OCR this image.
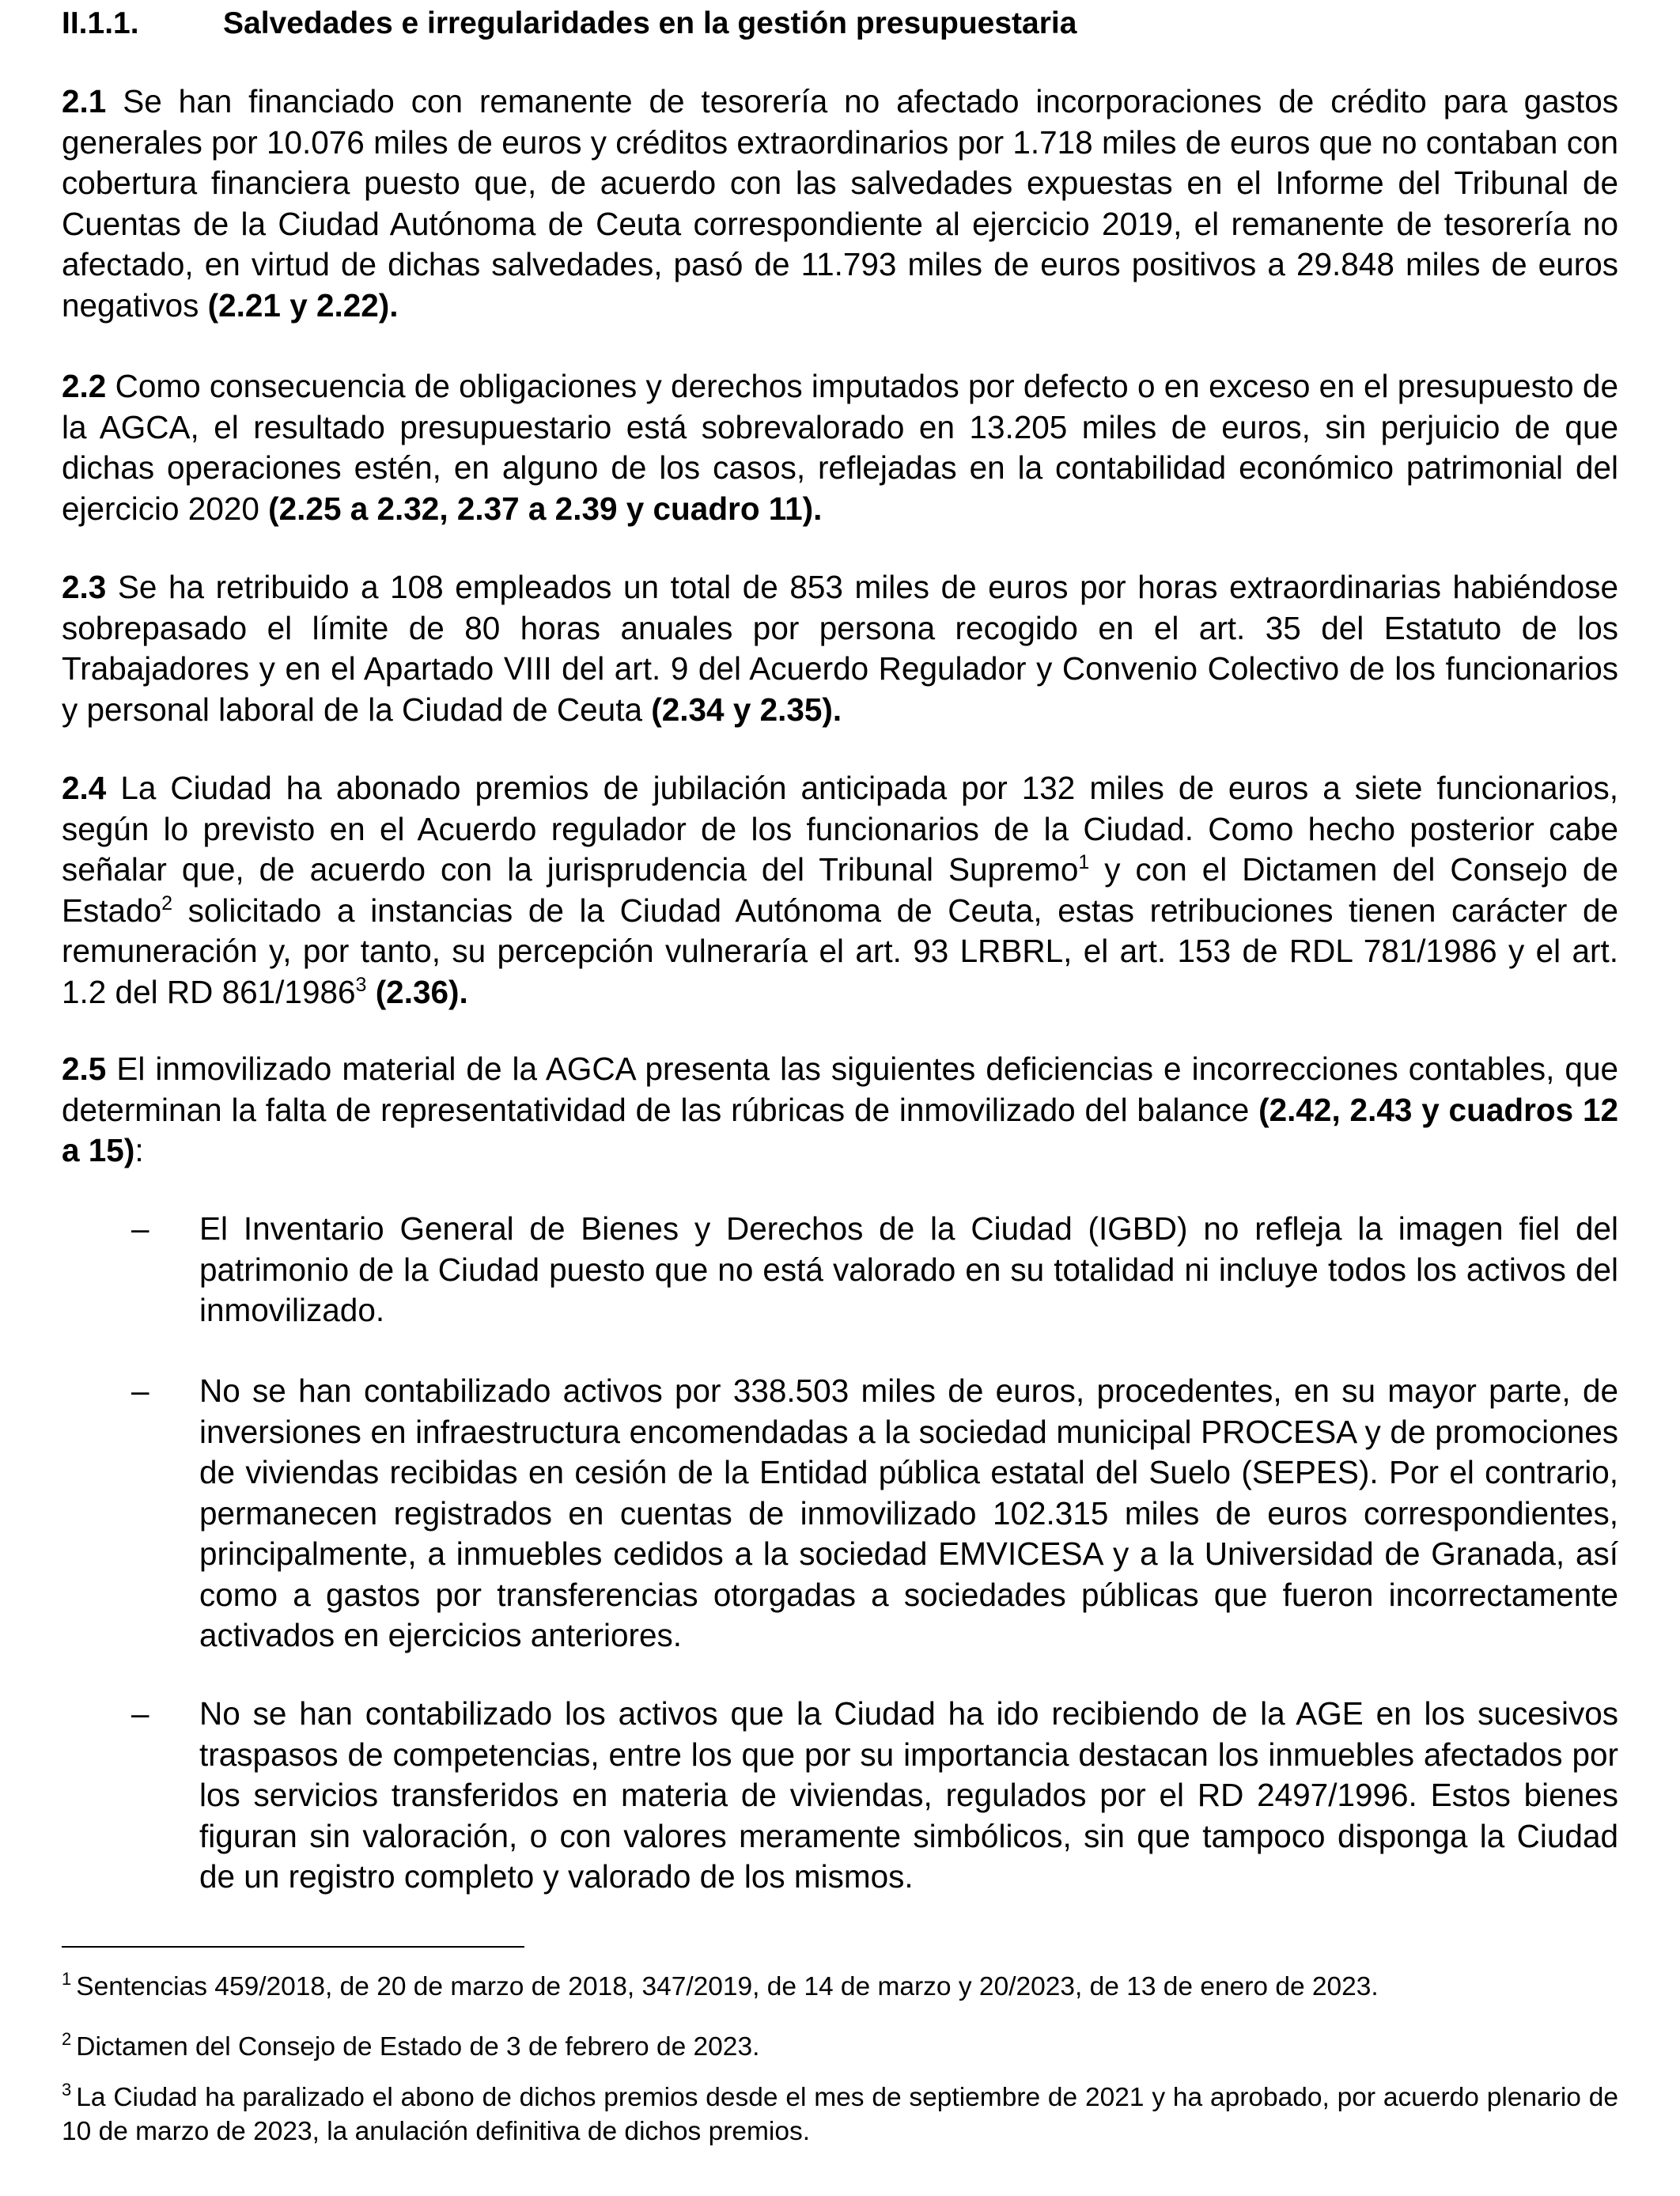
II.1.1.	Salvedades e irregularidades en la gestión presupuestaria

2.1 Se han financiado con remanente de tesorería no afectado incorporaciones de crédito para gastos generales por 10.076 miles de euros y créditos extraordinarios por 1.718 miles de euros que no contaban con cobertura financiera puesto que, de acuerdo con las salvedades expuestas en el Informe del Tribunal de Cuentas de la Ciudad Autónoma de Ceuta correspondiente al ejercicio 2019, el remanente de tesorería no afectado, en virtud de dichas salvedades, pasó de 11.793 miles de euros positivos a 29.848 miles de euros negativos (2.21 y 2.22).

2.2 Como consecuencia de obligaciones y derechos imputados por defecto o en exceso en el presupuesto de la AGCA, el resultado presupuestario está sobrevalorado en 13.205 miles de euros, sin perjuicio de que dichas operaciones estén, en alguno de los casos, reflejadas en la contabilidad económico patrimonial del ejercicio 2020 (2.25 a 2.32, 2.37 a 2.39 y cuadro 11).

2.3 Se ha retribuido a 108 empleados un total de 853 miles de euros por horas extraordinarias habiéndose sobrepasado el límite de 80 horas anuales por persona recogido en el art. 35 del Estatuto de los Trabajadores y en el Apartado VIII del art. 9 del Acuerdo Regulador y Convenio Colectivo de los funcionarios y personal laboral de la Ciudad de Ceuta (2.34 y 2.35).

2.4 La Ciudad ha abonado premios de jubilación anticipada por 132 miles de euros a siete funcionarios, según lo previsto en el Acuerdo regulador de los funcionarios de la Ciudad. Como hecho posterior cabe señalar que, de acuerdo con la jurisprudencia del Tribunal Supremo$^1$ y con el Dictamen del Consejo de Estado$^2$ solicitado a instancias de la Ciudad Autónoma de Ceuta, estas retribuciones tienen carácter de remuneración y, por tanto, su percepción vulneraría el art. 93 LRBRL, el art. 153 de RDL 781/1986 y el art. 1.2 del RD 861/1986$^3$ (2.36).

2.5 El inmovilizado material de la AGCA presenta las siguientes deficiencias e incorrecciones contables, que determinan la falta de representatividad de las rúbricas de inmovilizado del balance (2.42, 2.43 y cuadros 12 a 15):

– El Inventario General de Bienes y Derechos de la Ciudad (IGBD) no refleja la imagen fiel del patrimonio de la Ciudad puesto que no está valorado en su totalidad ni incluye todos los activos del inmovilizado.

– No se han contabilizado activos por 338.503 miles de euros, procedentes, en su mayor parte, de inversiones en infraestructura encomendadas a la sociedad municipal PROCESA y de promociones de viviendas recibidas en cesión de la Entidad pública estatal del Suelo (SEPES). Por el contrario, permanecen registrados en cuentas de inmovilizado 102.315 miles de euros correspondientes, principalmente, a inmuebles cedidos a la sociedad EMVICESA y a la Universidad de Granada, así como a gastos por transferencias otorgadas a sociedades públicas que fueron incorrectamente activados en ejercicios anteriores.

– No se han contabilizado los activos que la Ciudad ha ido recibiendo de la AGE en los sucesivos traspasos de competencias, entre los que por su importancia destacan los inmuebles afectados por los servicios transferidos en materia de viviendas, regulados por el RD 2497/1996. Estos bienes figuran sin valoración, o con valores meramente simbólicos, sin que tampoco disponga la Ciudad de un registro completo y valorado de los mismos.

$^1$ Sentencias 459/2018, de 20 de marzo de 2018, 347/2019, de 14 de marzo y 20/2023, de 13 de enero de 2023.

$^2$ Dictamen del Consejo de Estado de 3 de febrero de 2023.

$^3$ La Ciudad ha paralizado el abono de dichos premios desde el mes de septiembre de 2021 y ha aprobado, por acuerdo plenario de 10 de marzo de 2023, la anulación definitiva de dichos premios.
